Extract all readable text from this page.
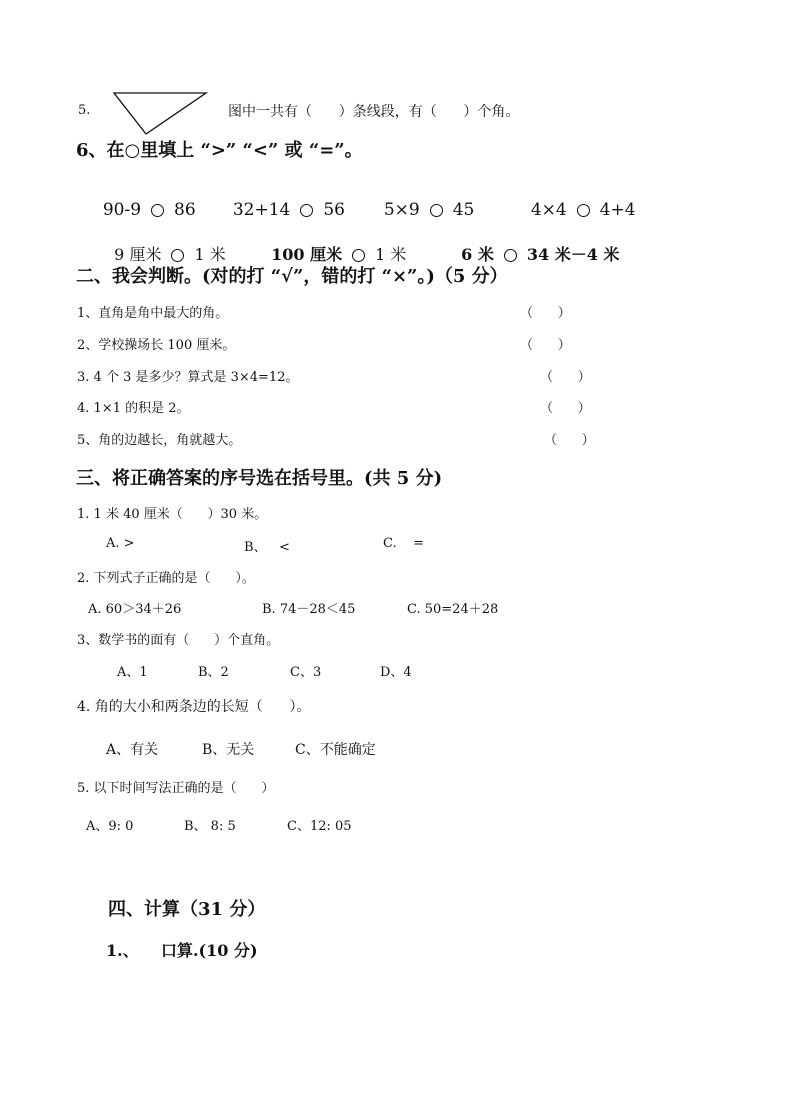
5.	图中一共有（      ）条线段，有（      ）个角。
6、在○里填上 “>” “<” 或 “=”。

90-9 86	32+14 56	5×9 45	4×4 4+4

9 厘米 1 米	100 厘米 1 米	6 米 34 米－4 米

二、我会判断。(对的打 “√”，错的打 “×”。)（5 分）
1、直角是角中最大的角。	（      ）
2、学校操场长 100 厘米。	（      ）
3. 4 个 3 是多少？算式是 3×4=12。	（      ）
4. 1×1 的积是 2。	（      ）
5、角的边越长，角就越大。	（      ）
三、将正确答案的序号选在括号里。(共 5 分)
1. 1 米 40 厘米（      ）30 米。
A. >	B、   <	C.    =
2. 下列式子正确的是（      ）。
A. 60＞34＋26	B. 74－28＜45	C. 50=24＋28
3、数学书的面有（      ）个直角。
A、1	B、2	C、3	D、4
4. 角的大小和两条边的长短（      ）。
A、有关	B、无关	C、不能确定
5. 以下时间写法正确的是（      ）
A、9: 0	B、 8: 5	C、12: 05
四、计算（31 分）
1.、    口算.(10 分)
